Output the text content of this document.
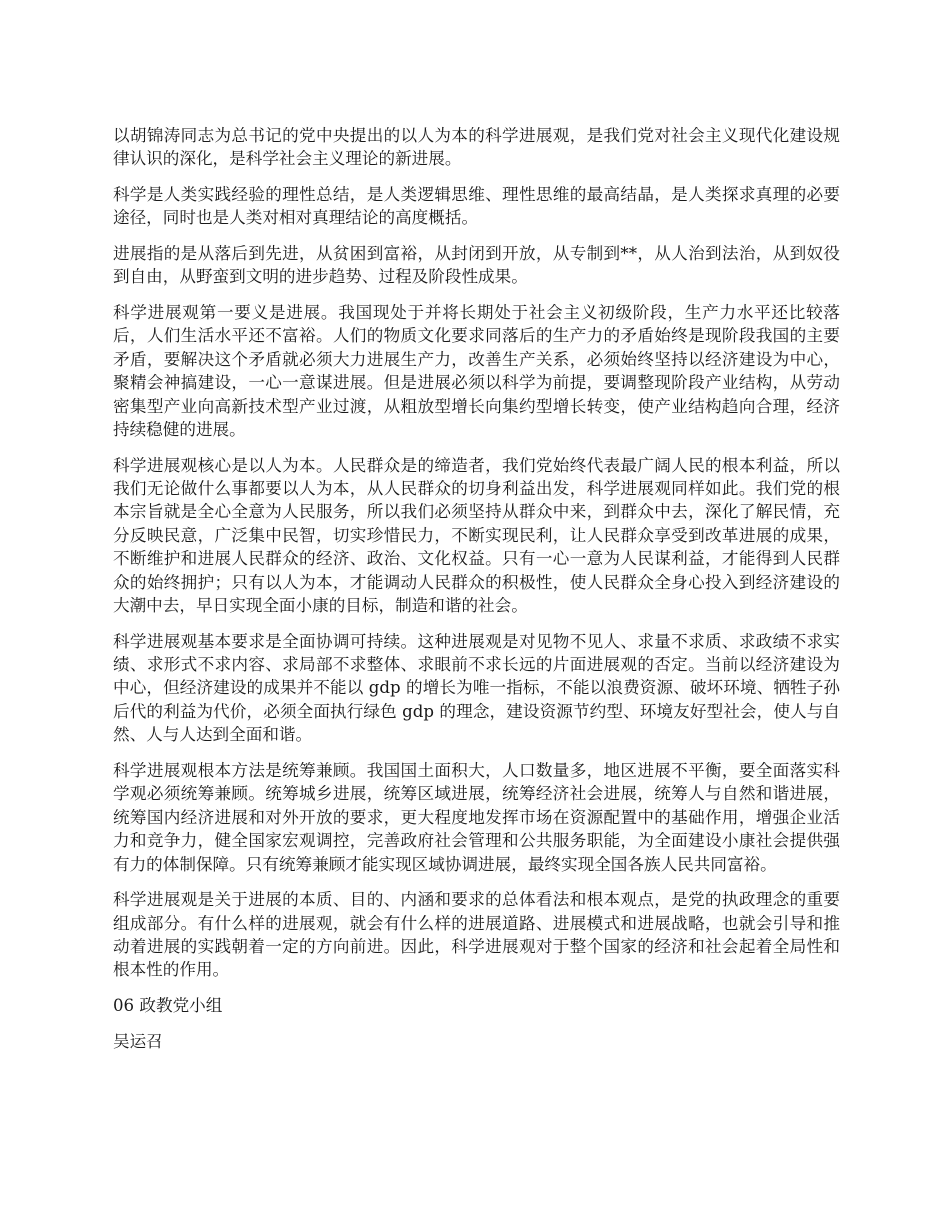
以胡锦涛同志为总书记的党中央提出的以人为本的科学进展观，是我们党对社会主义现代化建设规律认识的深化，是科学社会主义理论的新进展。

科学是人类实践经验的理性总结，是人类逻辑思维、理性思维的最高结晶，是人类探求真理的必要途径，同时也是人类对相对真理结论的高度概括。

进展指的是从落后到先进，从贫困到富裕，从封闭到开放，从专制到**，从人治到法治，从到奴役到自由，从野蛮到文明的进步趋势、过程及阶段性成果。

科学进展观第一要义是进展。我国现处于并将长期处于社会主义初级阶段，生产力水平还比较落后，人们生活水平还不富裕。人们的物质文化要求同落后的生产力的矛盾始终是现阶段我国的主要矛盾，要解决这个矛盾就必须大力进展生产力，改善生产关系，必须始终坚持以经济建设为中心，聚精会神搞建设，一心一意谋进展。但是进展必须以科学为前提，要调整现阶段产业结构，从劳动密集型产业向高新技术型产业过渡，从粗放型增长向集约型增长转变，使产业结构趋向合理，经济持续稳健的进展。

科学进展观核心是以人为本。人民群众是的缔造者，我们党始终代表最广阔人民的根本利益，所以我们无论做什么事都要以人为本，从人民群众的切身利益出发，科学进展观同样如此。我们党的根本宗旨就是全心全意为人民服务，所以我们必须坚持从群众中来，到群众中去，深化了解民情，充分反映民意，广泛集中民智，切实珍惜民力，不断实现民利，让人民群众享受到改革进展的成果，不断维护和进展人民群众的经济、政治、文化权益。只有一心一意为人民谋利益，才能得到人民群众的始终拥护；只有以人为本，才能调动人民群众的积极性，使人民群众全身心投入到经济建设的大潮中去，早日实现全面小康的目标，制造和谐的社会。

科学进展观基本要求是全面协调可持续。这种进展观是对见物不见人、求量不求质、求政绩不求实绩、求形式不求内容、求局部不求整体、求眼前不求长远的片面进展观的否定。当前以经济建设为中心，但经济建设的成果并不能以 gdp 的增长为唯一指标，不能以浪费资源、破坏环境、牺牲子孙后代的利益为代价，必须全面执行绿色 gdp 的理念，建设资源节约型、环境友好型社会，使人与自然、人与人达到全面和谐。

科学进展观根本方法是统筹兼顾。我国国土面积大，人口数量多，地区进展不平衡，要全面落实科学观必须统筹兼顾。统筹城乡进展，统筹区域进展，统筹经济社会进展，统筹人与自然和谐进展，统筹国内经济进展和对外开放的要求，更大程度地发挥市场在资源配置中的基础作用，增强企业活力和竞争力，健全国家宏观调控，完善政府社会管理和公共服务职能，为全面建设小康社会提供强有力的体制保障。只有统筹兼顾才能实现区域协调进展，最终实现全国各族人民共同富裕。

科学进展观是关于进展的本质、目的、内涵和要求的总体看法和根本观点，是党的执政理念的重要组成部分。有什么样的进展观，就会有什么样的进展道路、进展模式和进展战略，也就会引导和推动着进展的实践朝着一定的方向前进。因此，科学进展观对于整个国家的经济和社会起着全局性和根本性的作用。

06 政教党小组

吴运召
